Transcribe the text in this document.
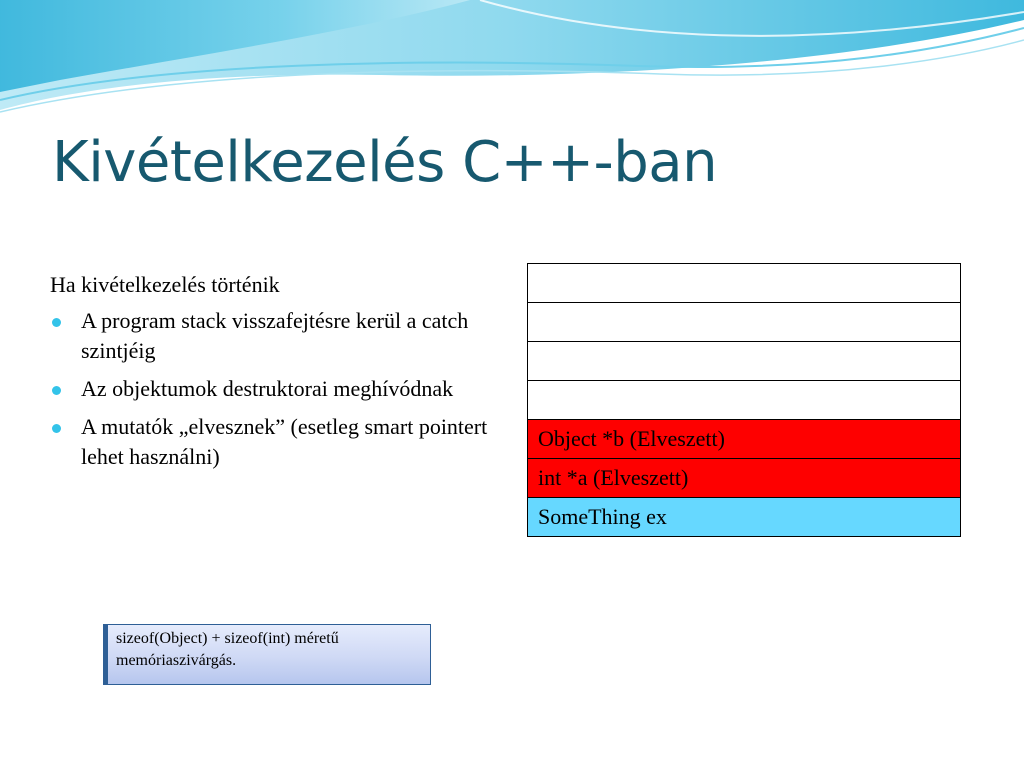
Kivételkezelés C++-ban

Ha kivételkezelés történik

A program stack visszafejtésre kerül a catch szintjéig
Az objektumok destruktorai meghívódnak
A mutatók „elvesznek” (esetleg smart pointert lehet használni)

Object *b (Elveszett)
int *a (Elveszett)
SomeThing ex
sizeof(Object) + sizeof(int) méretű memóriaszivárgás.
